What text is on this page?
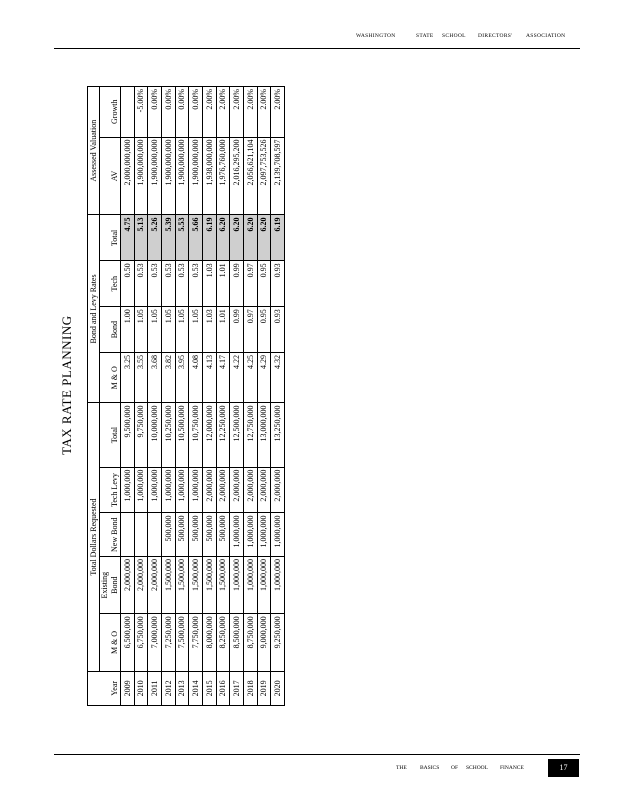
WASHINGTON	STATE SCHOOL DIRECTORS' ASSOCIATION
TAX RATE PLANNING
	Total Dollars Requested					Bond and Levy Rates				Assessed Valuation	
Year	M & O	Existing Bond	New Bond	Tech Levy	Total	M & O	Bond	Tech	Total	AV	Growth
2009	6,500,000	2,000,000		1,000,000	9,500,000	3.25	1.00	0.50	4.75	2,000,000,000	
2010	6,750,000	2,000,000		1,000,000	9,750,000	3.55	1.05	0.53	5.13	1,900,000,000	-5.00%
2011	7,000,000	2,000,000		1,000,000	10,000,000	3.68	1.05	0.53	5.26	1,900,000,000	0.00%
2012	7,250,000	1,500,000	500,000	1,000,000	10,250,000	3.82	1.05	0.53	5.39	1,900,000,000	0.00%
2013	7,500,000	1,500,000	500,000	1,000,000	10,500,000	3.95	1.05	0.53	5.53	1,900,000,000	0.00%
2014	7,750,000	1,500,000	500,000	1,000,000	10,750,000	4.08	1.05	0.53	5.66	1,900,000,000	0.00%
2015	8,000,000	1,500,000	500,000	2,000,000	12,000,000	4.13	1.03	1.03	6.19	1,938,000,000	2.00%
2016	8,250,000	1,500,000	500,000	2,000,000	12,250,000	4.17	1.01	1.01	6.20	1,976,760,000	2.00%
2017	8,500,000	1,000,000	1,000,000	2,000,000	12,500,000	4.22	0.99	0.99	6.20	2,016,295,200	2.00%
2018	8,750,000	1,000,000	1,000,000	2,000,000	12,750,000	4.25	0.97	0.97	6.20	2,056,621,104	2.00%
2019	9,000,000	1,000,000	1,000,000	2,000,000	13,000,000	4.29	0.95	0.95	6.20	2,097,753,526	2.00%
2020	9,250,000	1,000,000	1,000,000	2,000,000	13,250,000	4.32	0.93	0.93	6.19	2,139,708,597	2.00%
THE BASICS OF SCHOOL FINANCE	17
